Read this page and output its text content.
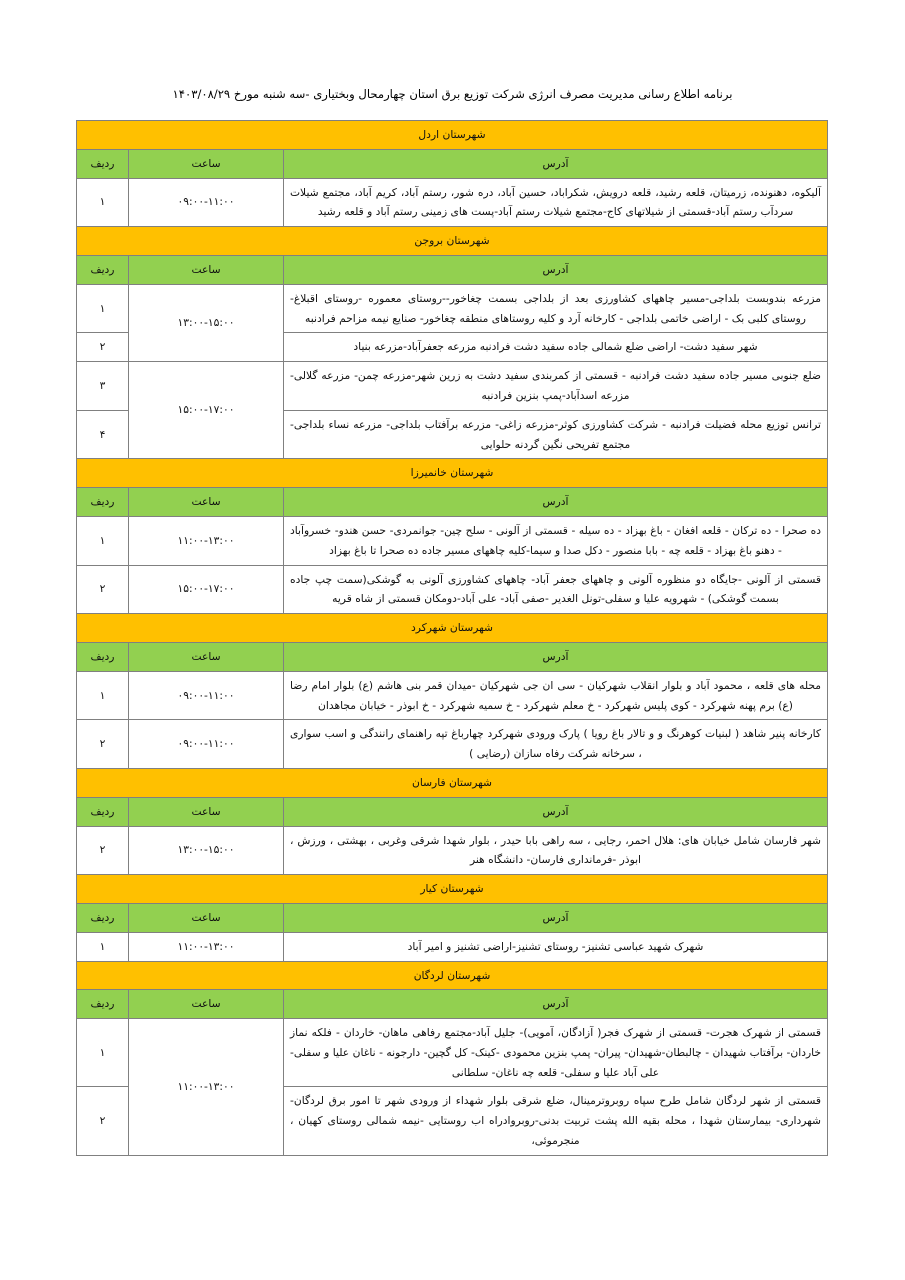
برنامه اطلاع رسانی مدیریت مصرف انرژی شرکت توزیع برق استان چهارمحال وبختیاری -سه شنبه مورخ ۱۴۰۳/۰۸/۲۹
شهرستان اردل		
آدرس	ساعت	ردیف
آلیکوه، دهنونده، زرمیتان، قلعه رشید، قلعه درویش، شکراباد، حسین آباد، دره شور، رستم آباد، کریم آباد، مجتمع شیلات سردآب رستم آباد-قسمتی از شیلاتهای کاج-مجتمع شیلات رستم آباد-پست های زمینی رستم آباد و قلعه رشید	۰۹:۰۰-۱۱:۰۰	۱
شهرستان بروجن		
آدرس	ساعت	ردیف
مزرعه بندوبست بلداجی-مسیر چاههای کشاورزی بعد از بلداجی بسمت چغاخور--روستای معموره -روستای اقبلاغ-روستای کلبی بک - اراضی خاتمی بلداجی - کارخانه آرد و کلیه روستاهای منطقه چغاخور- صنایع نیمه مزاحم فرادنبه	۱۳:۰۰-۱۵:۰۰	۱
شهر سفید دشت- اراضی ضلع شمالی جاده سفید دشت فرادنبه مزرعه جعفرآباد-مزرعه بنیاد		۲
ضلع جنوبی مسیر جاده سفید دشت فرادنبه - قسمتی از کمربندی سفید دشت به زرین شهر-مزرعه چمن- مزرعه گلالی-مزرعه اسدآباد-پمپ بنزین فرادنبه	۱۵:۰۰-۱۷:۰۰	۳
ترانس توزیع محله فضیلت فرادنبه - شرکت کشاورزی کوثر-مزرعه زاغی- مزرعه برآفتاب بلداجی- مزرعه نساء بلداجی-مجتمع تفریحی نگین گردنه حلوایی		۴
شهرستان خانمیرزا		
آدرس	ساعت	ردیف
ده صحرا - ده ترکان - قلعه افغان - باغ بهزاد - ده سیله - قسمتی از آلونی - سلح چین- جوانمردی- حسن هندو- خسروآباد - دهنو باغ بهزاد - قلعه چه - بابا منصور - دکل صدا و سیما-کلیه چاههای مسیر جاده ده صحرا تا باغ بهزاد	۱۱:۰۰-۱۳:۰۰	۱
قسمتی از آلونی -جایگاه دو منظوره آلونی و چاههای جعفر آباد- چاههای کشاورزی آلونی به گوشکی(سمت چپ جاده بسمت گوشکی) - شهرویه علیا و سفلی-تونل الغدیر -صفی آباد- علی آباد-دومکان قسمتی از شاه قریه	۱۵:۰۰-۱۷:۰۰	۲
شهرستان شهرکرد		
آدرس	ساعت	ردیف
محله های قلعه ، محمود آباد و بلوار انقلاب شهرکیان - سی ان جی شهرکیان -میدان قمر بنی هاشم (ع) بلوار امام رضا (ع) برم پهنه شهرکرد - کوی پلیس شهرکرد - خ معلم شهرکرد - خ سمیه شهرکرد - خ ابوذر - خیابان مجاهدان	۰۹:۰۰-۱۱:۰۰	۱
کارخانه پنیر شاهد ( لبنیات کوهرنگ و و تالار باغ رویا ) پارک ورودی شهرکرد چهارباغ تپه راهنمای رانندگی و اسب سواری ، سرخانه شرکت رفاه سازان (رضایی )	۰۹:۰۰-۱۱:۰۰	۲
شهرستان فارسان		
آدرس	ساعت	ردیف
شهر فارسان شامل خیابان های: هلال احمر، رجایی ، سه راهی بابا حیدر ، بلوار شهدا شرقی وغربی ، بهشتی ، ورزش ، ابوذر -فرمانداری فارسان- دانشگاه هنر	۱۳:۰۰-۱۵:۰۰	۲
شهرستان کیار		
آدرس	ساعت	ردیف
شهرک شهید عباسی تشنیز- روستای تشنیز-اراضی تشنیز و امیر آباد	۱۱:۰۰-۱۳:۰۰	۱
شهرستان لردگان		
آدرس	ساعت	ردیف
قسمتی از شهرک هجرت- قسمتی از شهرک فجر( آزادگان، آمویی)- جلیل آباد-مجتمع رفاهی ماهان- خاردان - فلکه نماز خاردان- برآفتاب شهیدان - چالبطان-شهیدان- پیران- پمپ بنزین محمودی -کینک- کل گچین- دارجونه - ناغان علیا و سفلی- علی آباد علیا و سفلی- قلعه چه ناغان- سلطانی	۱۱:۰۰-۱۳:۰۰	۱
قسمتی از شهر لردگان شامل طرح سپاه روبروترمینال، ضلع شرقی بلوار شهداء از ورودی شهر تا امور برق لردگان- شهرداری- بیمارستان شهدا ، محله بقیه الله پشت تربیت بدنی-روبروادراه اب روستایی -نیمه شمالی روستای کهیان ، منجرموئی،		۲
